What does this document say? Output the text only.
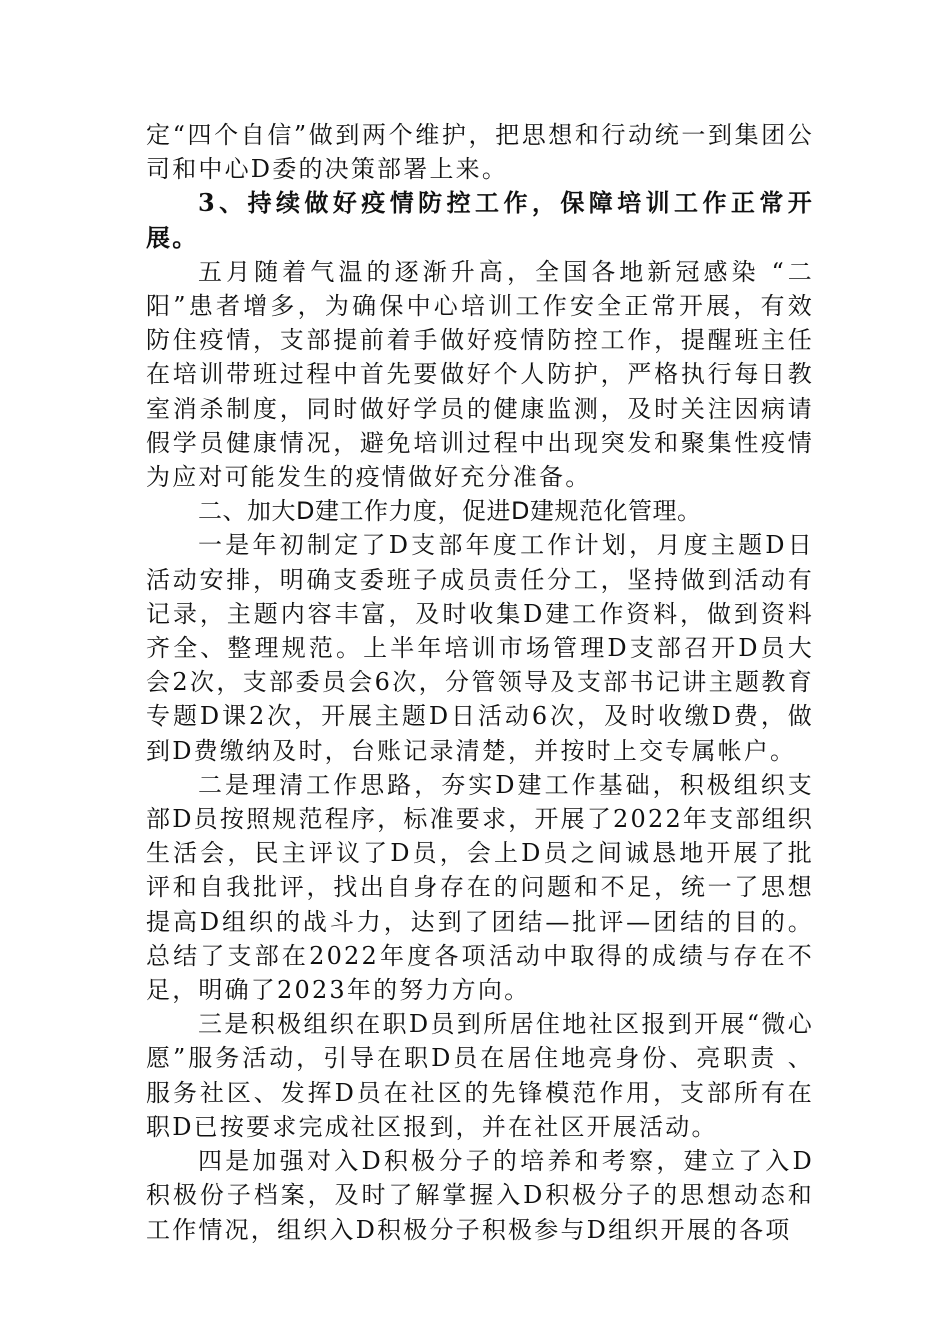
定“四个自信”做到两个维护，把思想和行动统一到集团公司和中心D委的决策部署上来。

3、持续做好疫情防控工作，保障培训工作正常开展。

五月随着气温的逐渐升高，全国各地新冠感染 “二阳”患者增多，为确保中心培训工作安全正常开展，有效防住疫情，支部提前着手做好疫情防控工作，提醒班主任在培训带班过程中首先要做好个人防护，严格执行每日教室消杀制度，同时做好学员的健康监测，及时关注因病请假学员健康情况，避免培训过程中出现突发和聚集性疫情为应对可能发生的疫情做好充分准备。

二、加大D建工作力度，促进D建规范化管理。

一是年初制定了D支部年度工作计划，月度主题D日活动安排，明确支委班子成员责任分工，坚持做到活动有记录，主题内容丰富，及时收集D建工作资料，做到资料齐全、整理规范。上半年培训市场管理D支部召开D员大会2次，支部委员会6次，分管领导及支部书记讲主题教育专题D课2次，开展主题D日活动6次，及时收缴D费，做到D费缴纳及时，台账记录清楚，并按时上交专属帐户。

二是理清工作思路，夯实D建工作基础，积极组织支部D员按照规范程序，标准要求，开展了2022年支部组织生活会，民主评议了D员，会上D员之间诚恳地开展了批评和自我批评，找出自身存在的问题和不足，统一了思想提高D组织的战斗力，达到了团结—批评—团结的目的。总结了支部在2022年度各项活动中取得的成绩与存在不足，明确了2023年的努力方向。

三是积极组织在职D员到所居住地社区报到开展“微心愿”服务活动，引导在职D员在居住地亮身份、亮职责 、服务社区、发挥D员在社区的先锋模范作用，支部所有在职D已按要求完成社区报到，并在社区开展活动。

四是加强对入D积极分子的培养和考察，建立了入D积极份子档案，及时了解掌握入D积极分子的思想动态和工作情况，组织入D积极分子积极参与D组织开展的各项
